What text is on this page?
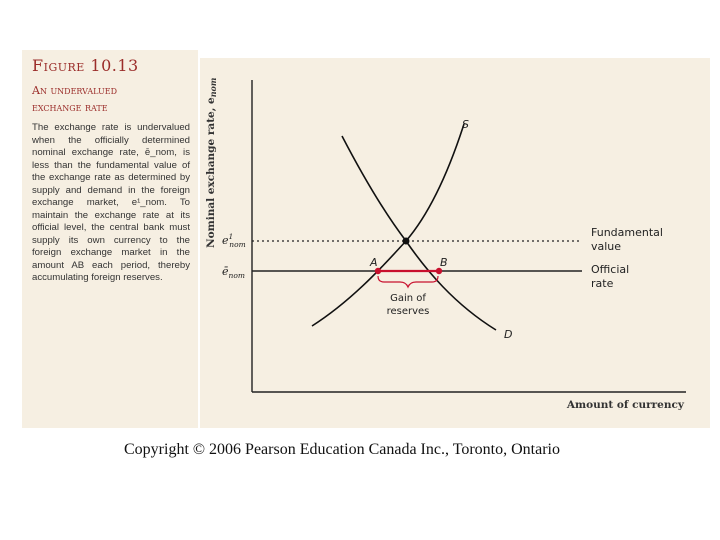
Figure 10.13
An undervalued
exchange rate
The exchange rate is undervalued when the officially determined nominal exchange rate, ē_nom, is less than the fundamental value of the exchange rate as determined by supply and demand in the foreign exchange market, e¹_nom. To maintain the exchange rate at its official level, the central bank must supply its own currency to the foreign exchange market in the amount AB each period, thereby accumulating foreign reserves.
Nominal exchange rate, enom
Amount of currency
S
D
A	B
Gain of
reserves
$e^1$ nom
$ē_{nom}$
Fundamental
value
Official
rate
Copyright © 2006 Pearson Education Canada Inc., Toronto, Ontario
